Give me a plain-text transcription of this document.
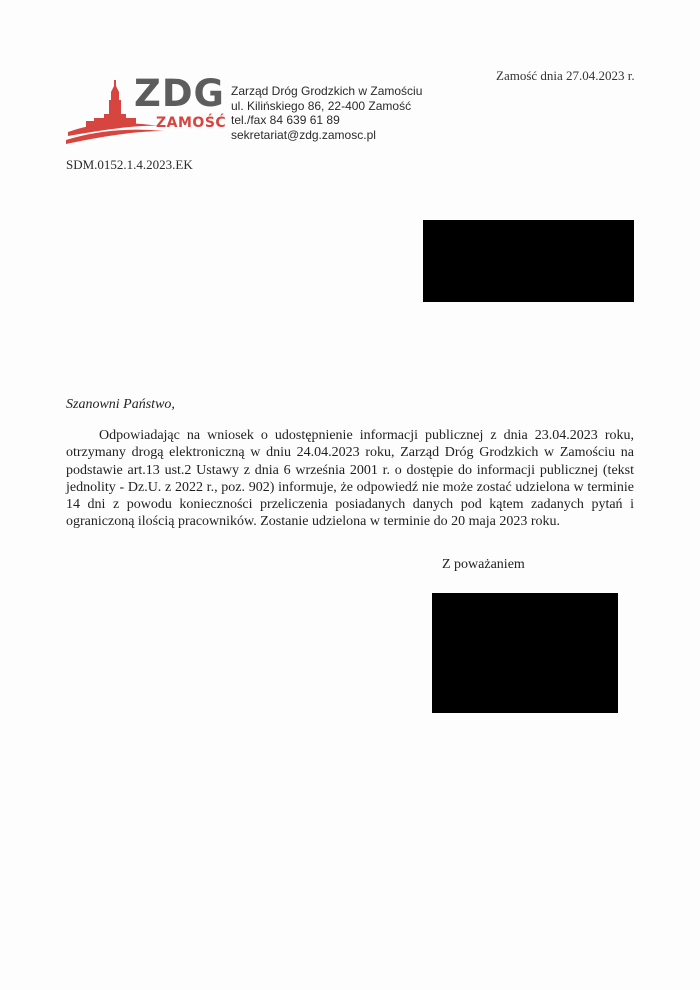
ZDG
ZAMOŚĆ
Zarząd Dróg Grodzkich w Zamościu
ul. Kilińskiego 86, 22-400 Zamość
tel./fax 84 639 61 89
sekretariat@zdg.zamosc.pl
Zamość dnia 27.04.2023 r.
SDM.0152.1.4.2023.EK
Szanowni Państwo,

Odpowiadając na wniosek o udostępnienie informacji publicznej z dnia 23.04.2023 roku, otrzymany drogą elektroniczną w dniu 24.04.2023 roku, Zarząd Dróg Grodzkich w Zamościu na podstawie art.13 ust.2 Ustawy z dnia 6 września 2001 r. o dostępie do informacji publicznej (tekst jednolity - Dz.U. z 2022 r., poz. 902) informuje, że odpowiedź nie może zostać udzielona w terminie 14 dni z powodu konieczności przeliczenia posiadanych danych pod kątem zadanych pytań i ograniczoną ilością pracowników. Zostanie udzielona w terminie do 20 maja 2023 roku.

Z poważaniem
